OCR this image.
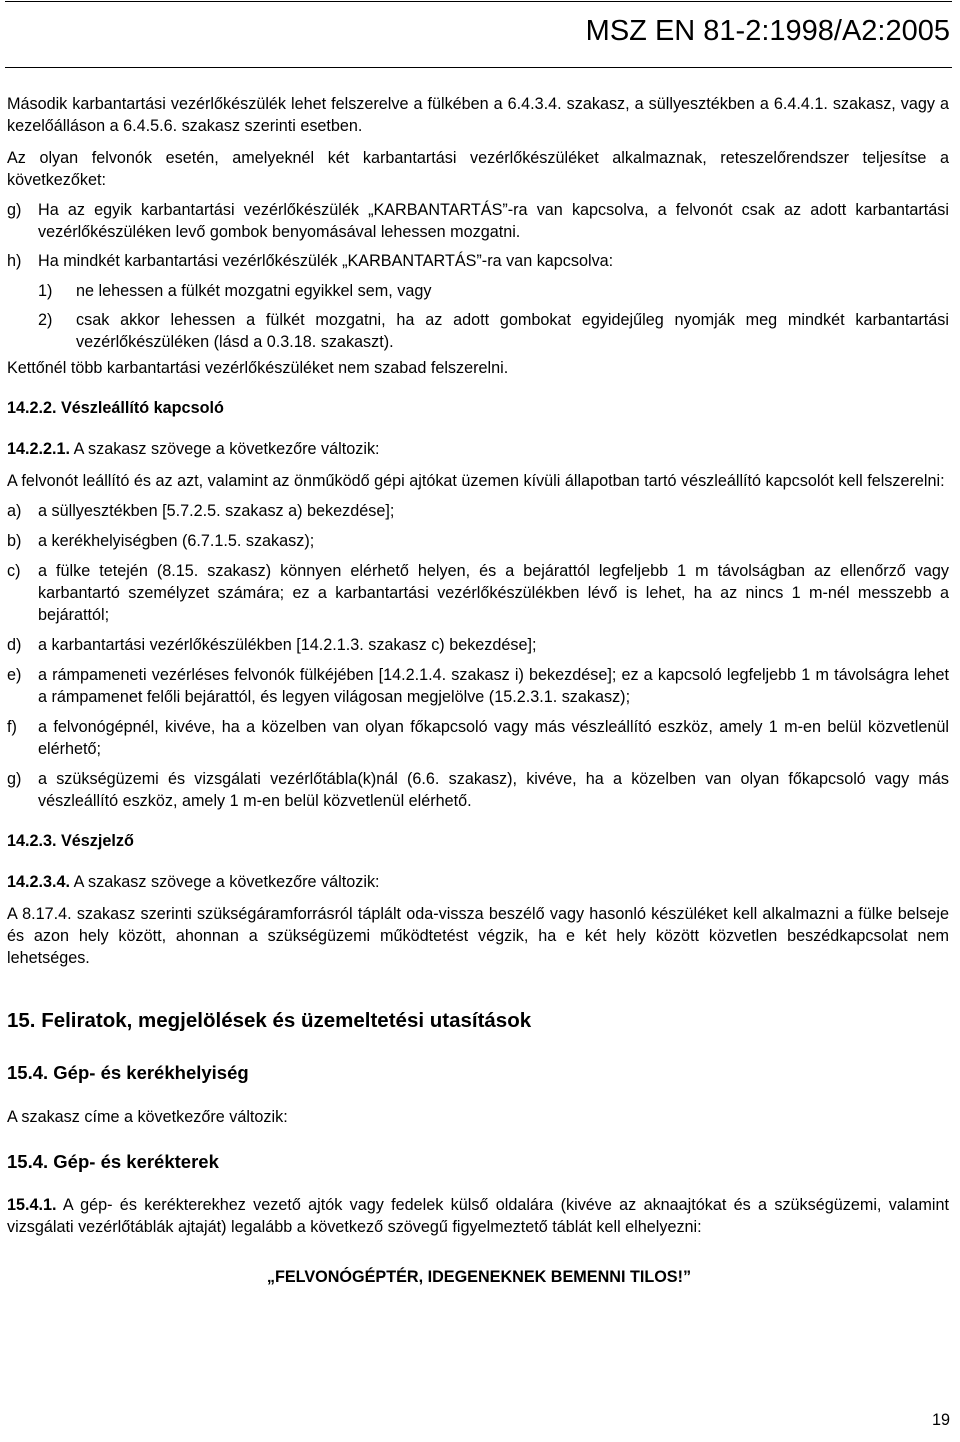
MSZ EN 81-2:1998/A2:2005

Második karbantartási vezérlőkészülék lehet felszerelve a fülkében a 6.4.3.4. szakasz, a süllyesztékben a 6.4.4.1. szakasz, vagy a kezelőálláson a 6.4.5.6. szakasz szerinti esetben.

Az olyan felvonók esetén, amelyeknél két karbantartási vezérlőkészüléket alkalmaznak, reteszelőrendszer teljesítse a következőket:

g) Ha az egyik karbantartási vezérlőkészülék „KARBANTARTÁS”-ra van kapcsolva, a felvonót csak az adott karbantartási vezérlőkészüléken levő gombok benyomásával lehessen mozgatni.
h) Ha mindkét karbantartási vezérlőkészülék „KARBANTARTÁS”-ra van kapcsolva:
1) ne lehessen a fülkét mozgatni egyikkel sem, vagy
2) csak akkor lehessen a fülkét mozgatni, ha az adott gombokat egyidejűleg nyomják meg mindkét karbantartási vezérlőkészüléken (lásd a 0.3.18. szakaszt).

Kettőnél több karbantartási vezérlőkészüléket nem szabad felszerelni.

14.2.2. Vészleállító kapcsoló

14.2.2.1. A szakasz szövege a következőre változik:

A felvonót leállító és az azt, valamint az önműködő gépi ajtókat üzemen kívüli állapotban tartó vészleállító kapcsolót kell felszerelni:

a) a süllyesztékben [5.7.2.5. szakasz a) bekezdése];
b) a kerékhelyiségben (6.7.1.5. szakasz);
c) a fülke tetején (8.15. szakasz) könnyen elérhető helyen, és a bejárattól legfeljebb 1 m távolságban az ellenőrző vagy karbantartó személyzet számára; ez a karbantartási vezérlőkészülékben lévő is lehet, ha az nincs 1 m-nél messzebb a bejárattól;
d) a karbantartási vezérlőkészülékben [14.2.1.3. szakasz c) bekezdése];
e) a rámpameneti vezérléses felvonók fülkéjében [14.2.1.4. szakasz i) bekezdése]; ez a kapcsoló legfeljebb 1 m távolságra lehet a rámpamenet felőli bejárattól, és legyen világosan megjelölve (15.2.3.1. szakasz);
f) a felvonógépnél, kivéve, ha a közelben van olyan főkapcsoló vagy más vészleállító eszköz, amely 1 m-en belül közvetlenül elérhető;
g) a szükségüzemi és vizsgálati vezérlőtábla(k)nál (6.6. szakasz), kivéve, ha a közelben van olyan főkapcsoló vagy más vészleállító eszköz, amely 1 m-en belül közvetlenül elérhető.

14.2.3. Vészjelző

14.2.3.4. A szakasz szövege a következőre változik:

A 8.17.4. szakasz szerinti szükségáramforrásról táplált oda-vissza beszélő vagy hasonló készüléket kell alkalmazni a fülke belseje és azon hely között, ahonnan a szükségüzemi működtetést végzik, ha e két hely között közvetlen beszédkapcsolat nem lehetséges.

15. Feliratok, megjelölések és üzemeltetési utasítások

15.4. Gép- és kerékhelyiség

A szakasz címe a következőre változik:

15.4. Gép- és kerékterek

15.4.1. A gép- és kerékterekhez vezető ajtók vagy fedelek külső oldalára (kivéve az aknaajtókat és a szükségüzemi, valamint vizsgálati vezérlőtáblák ajtaját) legalább a következő szövegű figyelmeztető táblát kell elhelyezni:

„FELVONÓGÉPTÉR, IDEGENEKNEK BEMENNI TILOS!”

19
